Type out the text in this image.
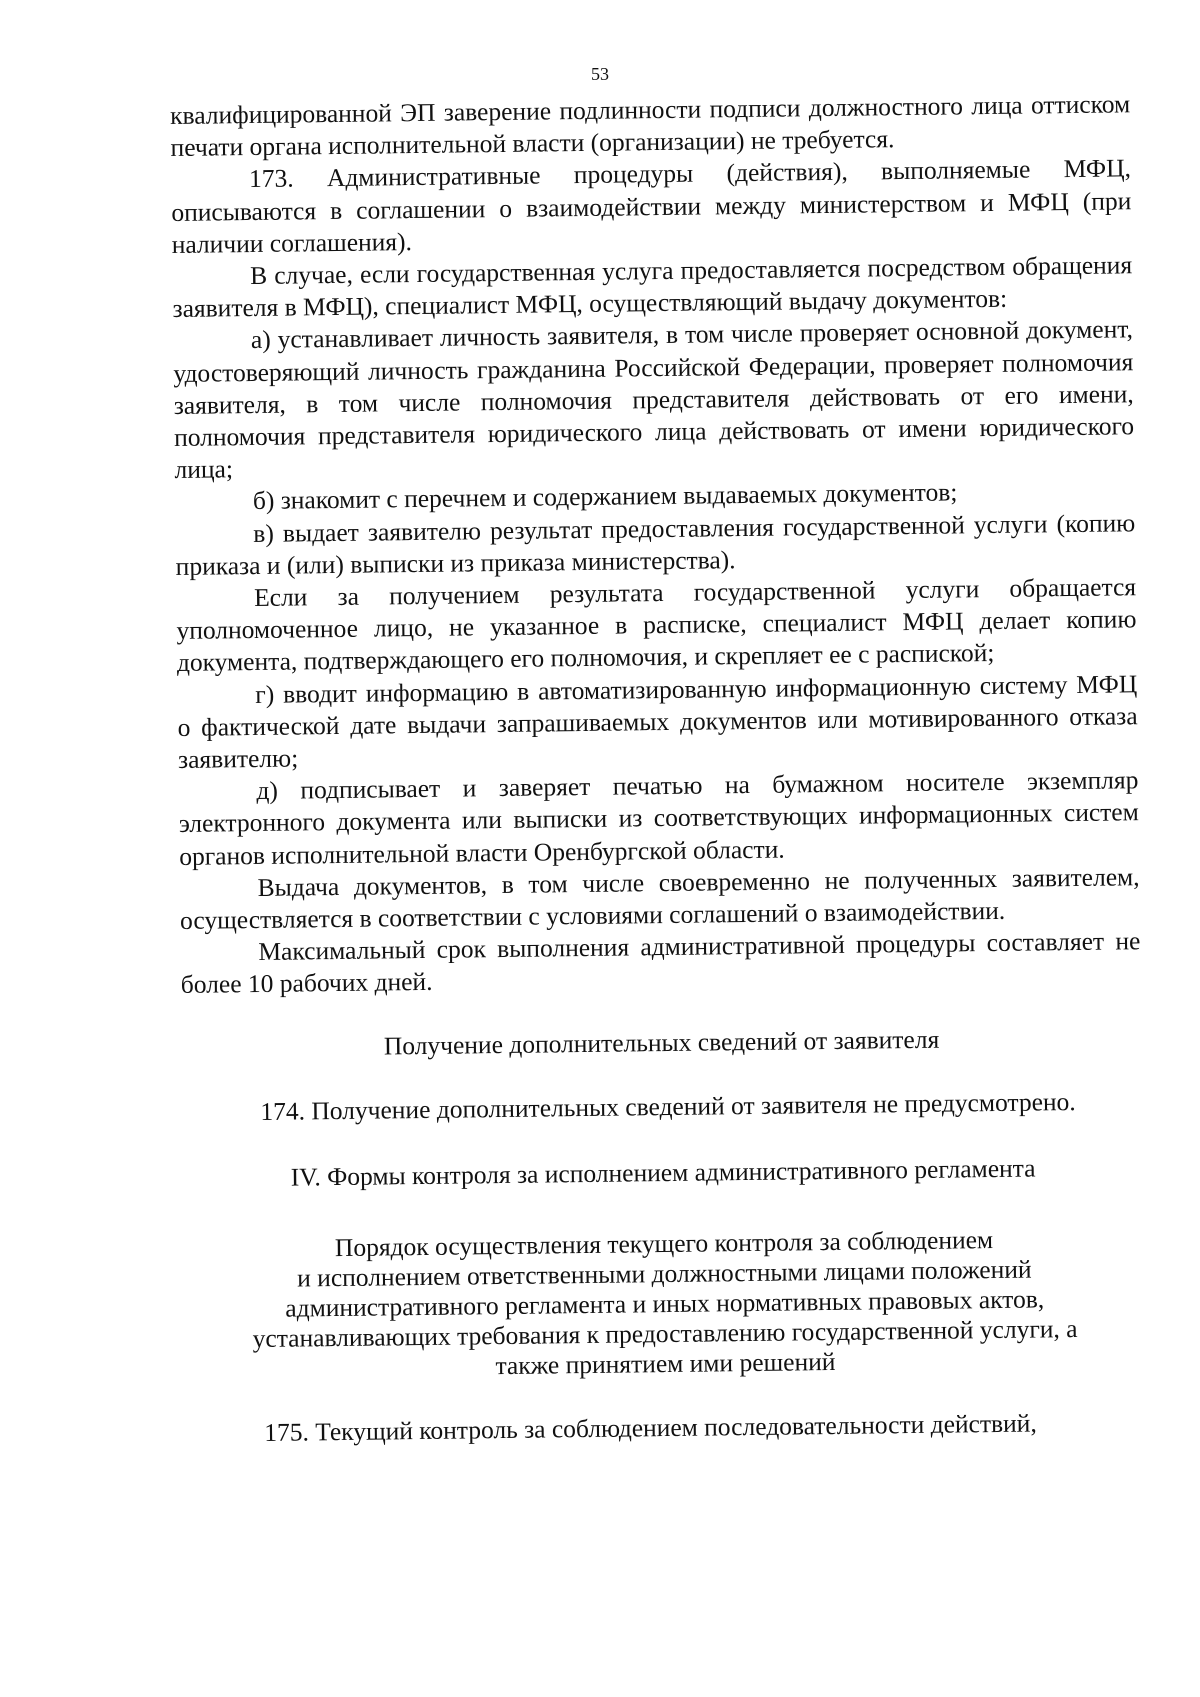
53

квалифицированной ЭП заверение подлинности подписи должностного лица оттиском печати органа исполнительной власти (организации) не требуется.

173. Административные процедуры (действия), выполняемые МФЦ, описываются в соглашении о взаимодействии между министерством и МФЦ (при наличии соглашения).

В случае, если государственная услуга предоставляется посредством обращения заявителя в МФЦ), специалист МФЦ, осуществляющий выдачу документов:

а) устанавливает личность заявителя, в том числе проверяет основной документ, удостоверяющий личность гражданина Российской Федерации, проверяет полномочия заявителя, в том числе полномочия представителя действовать от его имени, полномочия представителя юридического лица действовать от имени юридического лица;

б) знакомит с перечнем и содержанием выдаваемых документов;

в) выдает заявителю результат предоставления государственной услуги (копию приказа и (или) выписки из приказа министерства).

Если за получением результата государственной услуги обращается уполномоченное лицо, не указанное в расписке, специалист МФЦ делает копию документа, подтверждающего его полномочия, и скрепляет ее с распиской;

г) вводит информацию в автоматизированную информационную систему МФЦ о фактической дате выдачи запрашиваемых документов или мотивированного отказа заявителю;

д) подписывает и заверяет печатью на бумажном носителе экземпляр электронного документа или выписки из соответствующих информационных систем органов исполнительной власти Оренбургской области.

Выдача документов, в том числе своевременно не полученных заявителем, осуществляется в соответствии с условиями соглашений о взаимодействии.

Максимальный срок выполнения административной процедуры составляет не более 10 рабочих дней.

Получение дополнительных сведений от заявителя

174. Получение дополнительных сведений от заявителя не предусмотрено.

IV. Формы контроля за исполнением административного регламента

Порядок осуществления текущего контроля за соблюдением
и исполнением ответственными должностными лицами положений
административного регламента и иных нормативных правовых актов,
устанавливающих требования к предоставлению государственной услуги, а
также принятием ими решений

175. Текущий контроль за соблюдением последовательности действий,
